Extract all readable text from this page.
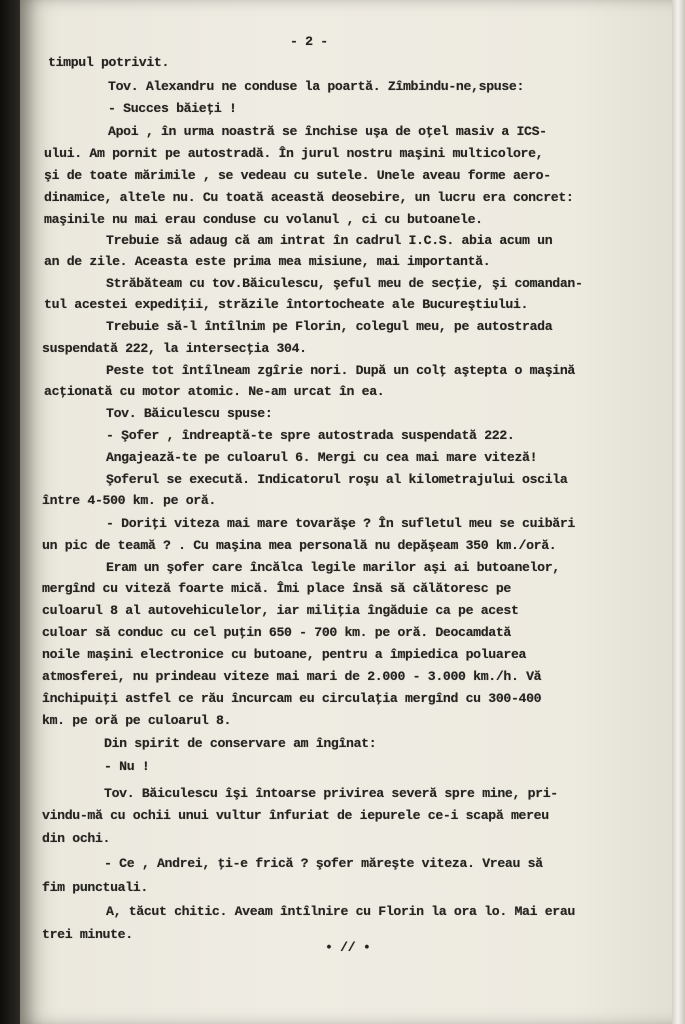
- 2 -
timpul potrivit.
Tov. Alexandru ne conduse la poartă. Zîmbindu-ne,spuse:
- Succes băieţi !
Apoi , în urma noastră se închise uşa de oţel masiv a ICS-
ului. Am pornit pe autostradă. În jurul nostru maşini multicolore,
şi de toate mărimile , se vedeau cu sutele. Unele aveau forme aero-
dinamice, altele nu. Cu toată această deosebire, un lucru era concret:
maşinile nu mai erau conduse cu volanul , ci cu butoanele.
Trebuie să adaug că am intrat în cadrul I.C.S. abia acum un
an de zile. Aceasta este prima mea misiune, mai importantă.
Străbăteam cu tov.Băiculescu, şeful meu de secţie, şi comandan-
tul acestei expediţii, străzile întortocheate ale Bucureştiului.
Trebuie să-l întîlnim pe Florin, colegul meu, pe autostrada
suspendată 222, la intersecţia 304.
Peste tot întîlneam zgîrie nori. După un colţ aştepta o maşină
acţionată cu motor atomic. Ne-am urcat în ea.
Tov. Băiculescu spuse:
- Şofer , îndreaptă-te spre autostrada suspendată 222.
Angajează-te pe culoarul 6. Mergi cu cea mai mare viteză!
Şoferul se execută. Indicatorul roşu al kilometrajului oscila
între 4-500 km. pe oră.
- Doriţi viteza mai mare tovarăşe ? În sufletul meu se cuibări
un pic de teamă ? . Cu maşina mea personală nu depăşeam 350 km./oră.
Eram un şofer care încălca legile marilor aşi ai butoanelor,
mergînd cu viteză foarte mică. Îmi place însă să călătoresc pe
culoarul 8 al autovehiculelor, iar miliţia îngăduie ca pe acest
culoar să conduc cu cel puţin 650 - 700 km. pe oră. Deocamdată
noile maşini electronice cu butoane, pentru a împiedica poluarea
atmosferei, nu prindeau viteze mai mari de 2.000 - 3.000 km./h. Vă
închipuiţi astfel ce rău încurcam eu circulaţia mergînd cu 300-400
km. pe oră pe culoarul 8.
Din spirit de conservare am îngînat:
- Nu !
Tov. Băiculescu îşi întoarse privirea severă spre mine, pri-
vindu-mă cu ochii unui vultur înfuriat de iepurele ce-i scapă mereu
din ochi.
- Ce , Andrei, ţi-e frică ? şofer măreşte viteza. Vreau să
fim punctuali.
A, tăcut chitic. Aveam întîlnire cu Florin la ora lo. Mai erau
trei minute.
• // •
